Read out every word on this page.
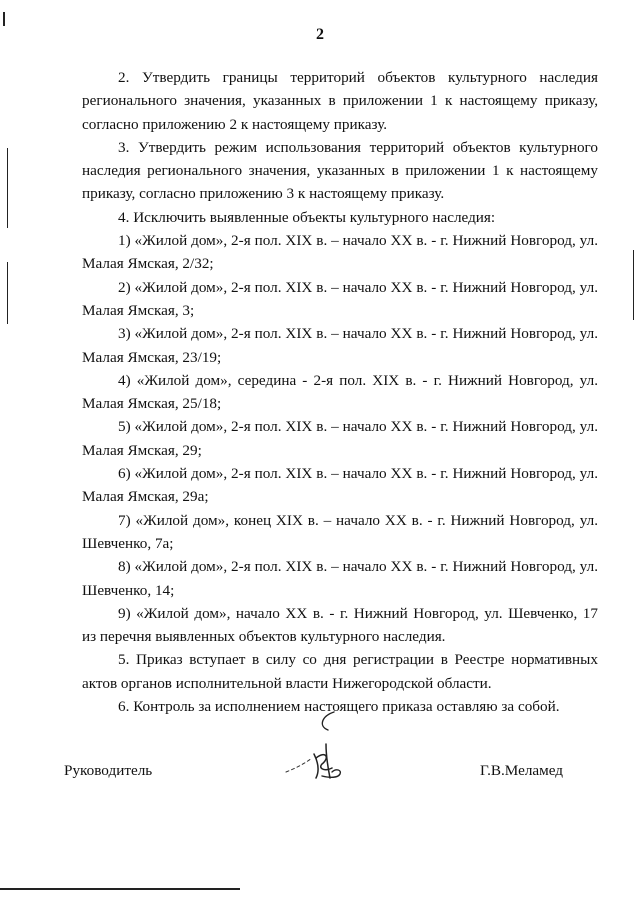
2

2. Утвердить границы территорий объектов культурного наследия регионального значения, указанных в приложении 1 к настоящему приказу, согласно приложению 2 к настоящему приказу.

3. Утвердить режим использования территорий объектов культурного наследия регионального значения, указанных в приложении 1 к настоящему приказу, согласно приложению 3 к настоящему приказу.

4. Исключить выявленные объекты культурного наследия:

1) «Жилой дом», 2-я пол. XIX в. – начало XX в. - г. Нижний Новгород, ул. Малая Ямская, 2/32;

2) «Жилой дом», 2-я пол. XIX в. – начало XX в. - г. Нижний Новгород, ул. Малая Ямская, 3;

3) «Жилой дом», 2-я пол. XIX в. – начало XX в. - г. Нижний Новгород, ул. Малая Ямская, 23/19;

4) «Жилой дом», середина - 2-я пол. XIX в. - г. Нижний Новгород, ул. Малая Ямская, 25/18;

5) «Жилой дом», 2-я пол. XIX в. – начало XX в. - г. Нижний Новгород, ул. Малая Ямская, 29;

6) «Жилой дом», 2-я пол. XIX в. – начало XX в. - г. Нижний Новгород, ул. Малая Ямская, 29а;

7) «Жилой дом», конец XIX в. – начало XX в. - г. Нижний Новгород, ул. Шевченко, 7а;

8) «Жилой дом», 2-я пол. XIX в. – начало XX в. - г. Нижний Новгород, ул. Шевченко, 14;

9) «Жилой дом», начало XX в. - г. Нижний Новгород, ул. Шевченко, 17

из перечня выявленных объектов культурного наследия.

5. Приказ вступает в силу со дня регистрации в Реестре нормативных актов органов исполнительной власти Нижегородской области.

6. Контроль за исполнением настоящего приказа оставляю за собой.

Руководитель	Г.В.Меламед
